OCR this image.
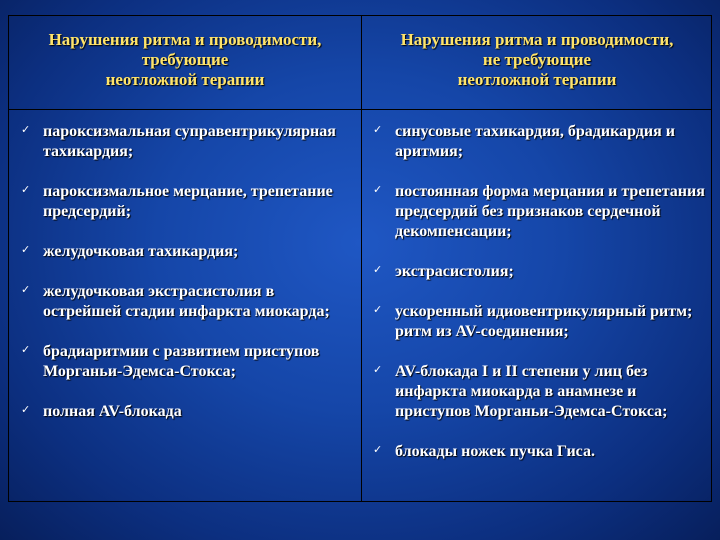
Нарушения ритма и проводимости,
требующие
неотложной терапии
Нарушения ритма и проводимости,
не требующие
неотложной терапии
✓ пароксизмальная суправентрикулярная тахикардия;
✓ пароксизмальное мерцание, трепетание предсердий;
✓ желудочковая тахикардия;
✓ желудочковая экстрасистолия в острейшей стадии инфаркта миокарда;
✓ брадиаритмии с развитием приступов Морганьи-Эдемса-Стокса;
✓ полная AV-блокада
✓ синусовые тахикардия, брадикардия и аритмия;
✓ постоянная форма мерцания и трепетания предсердий без признаков сердечной декомпенсации;
✓ экстрасистолия;
✓ ускоренный идиовентрикулярный ритм; ритм из AV-соединения;
✓ AV-блокада I и II степени у лиц без инфаркта миокарда в анамнезе и приступов Морганьи-Эдемса-Стокса;
✓ блокады ножек пучка Гиса.
